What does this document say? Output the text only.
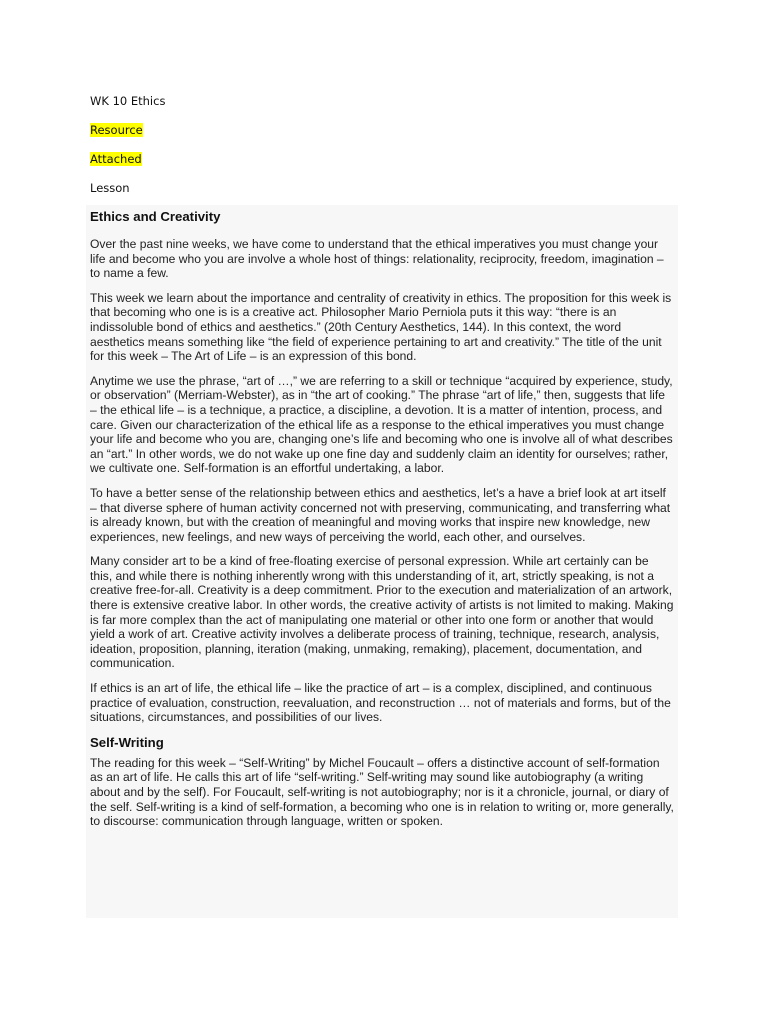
WK 10 Ethics
Resource
Attached
Lesson
Ethics and Creativity

Over the past nine weeks, we have come to understand that the ethical imperatives you must change your life and become who you are involve a whole host of things: relationality, reciprocity, freedom, imagination – to name a few.

This week we learn about the importance and centrality of creativity in ethics. The proposition for this week is that becoming who one is is a creative act. Philosopher Mario Perniola puts it this way: “there is an indissoluble bond of ethics and aesthetics.” (20th Century Aesthetics, 144). In this context, the word aesthetics means something like “the field of experience pertaining to art and creativity.” The title of the unit for this week – The Art of Life – is an expression of this bond.

Anytime we use the phrase, “art of …,” we are referring to a skill or technique “acquired by experience, study, or observation” (Merriam-Webster), as in “the art of cooking.” The phrase “art of life,” then, suggests that life – the ethical life – is a technique, a practice, a discipline, a devotion. It is a matter of intention, process, and care. Given our characterization of the ethical life as a response to the ethical imperatives you must change your life and become who you are, changing one’s life and becoming who one is involve all of what describes an “art.” In other words, we do not wake up one fine day and suddenly claim an identity for ourselves; rather, we cultivate one. Self-formation is an effortful undertaking, a labor.

To have a better sense of the relationship between ethics and aesthetics, let’s a have a brief look at art itself – that diverse sphere of human activity concerned not with preserving, communicating, and transferring what is already known, but with the creation of meaningful and moving works that inspire new knowledge, new experiences, new feelings, and new ways of perceiving the world, each other, and ourselves.

Many consider art to be a kind of free-floating exercise of personal expression. While art certainly can be this, and while there is nothing inherently wrong with this understanding of it, art, strictly speaking, is not a creative free-for-all. Creativity is a deep commitment. Prior to the execution and materialization of an artwork, there is extensive creative labor. In other words, the creative activity of artists is not limited to making. Making is far more complex than the act of manipulating one material or other into one form or another that would yield a work of art. Creative activity involves a deliberate process of training, technique, research, analysis, ideation, proposition, planning, iteration (making, unmaking, remaking), placement, documentation, and communication.

If ethics is an art of life, the ethical life – like the practice of art – is a complex, disciplined, and continuous practice of evaluation, construction, reevaluation, and reconstruction … not of materials and forms, but of the situations, circumstances, and possibilities of our lives.

Self-Writing

The reading for this week – “Self-Writing” by Michel Foucault – offers a distinctive account of self-formation as an art of life. He calls this art of life “self-writing.” Self-writing may sound like autobiography (a writing about and by the self). For Foucault, self-writing is not autobiography; nor is it a chronicle, journal, or diary of the self. Self-writing is a kind of self-formation, a becoming who one is in relation to writing or, more generally, to discourse: communication through language, written or spoken.
